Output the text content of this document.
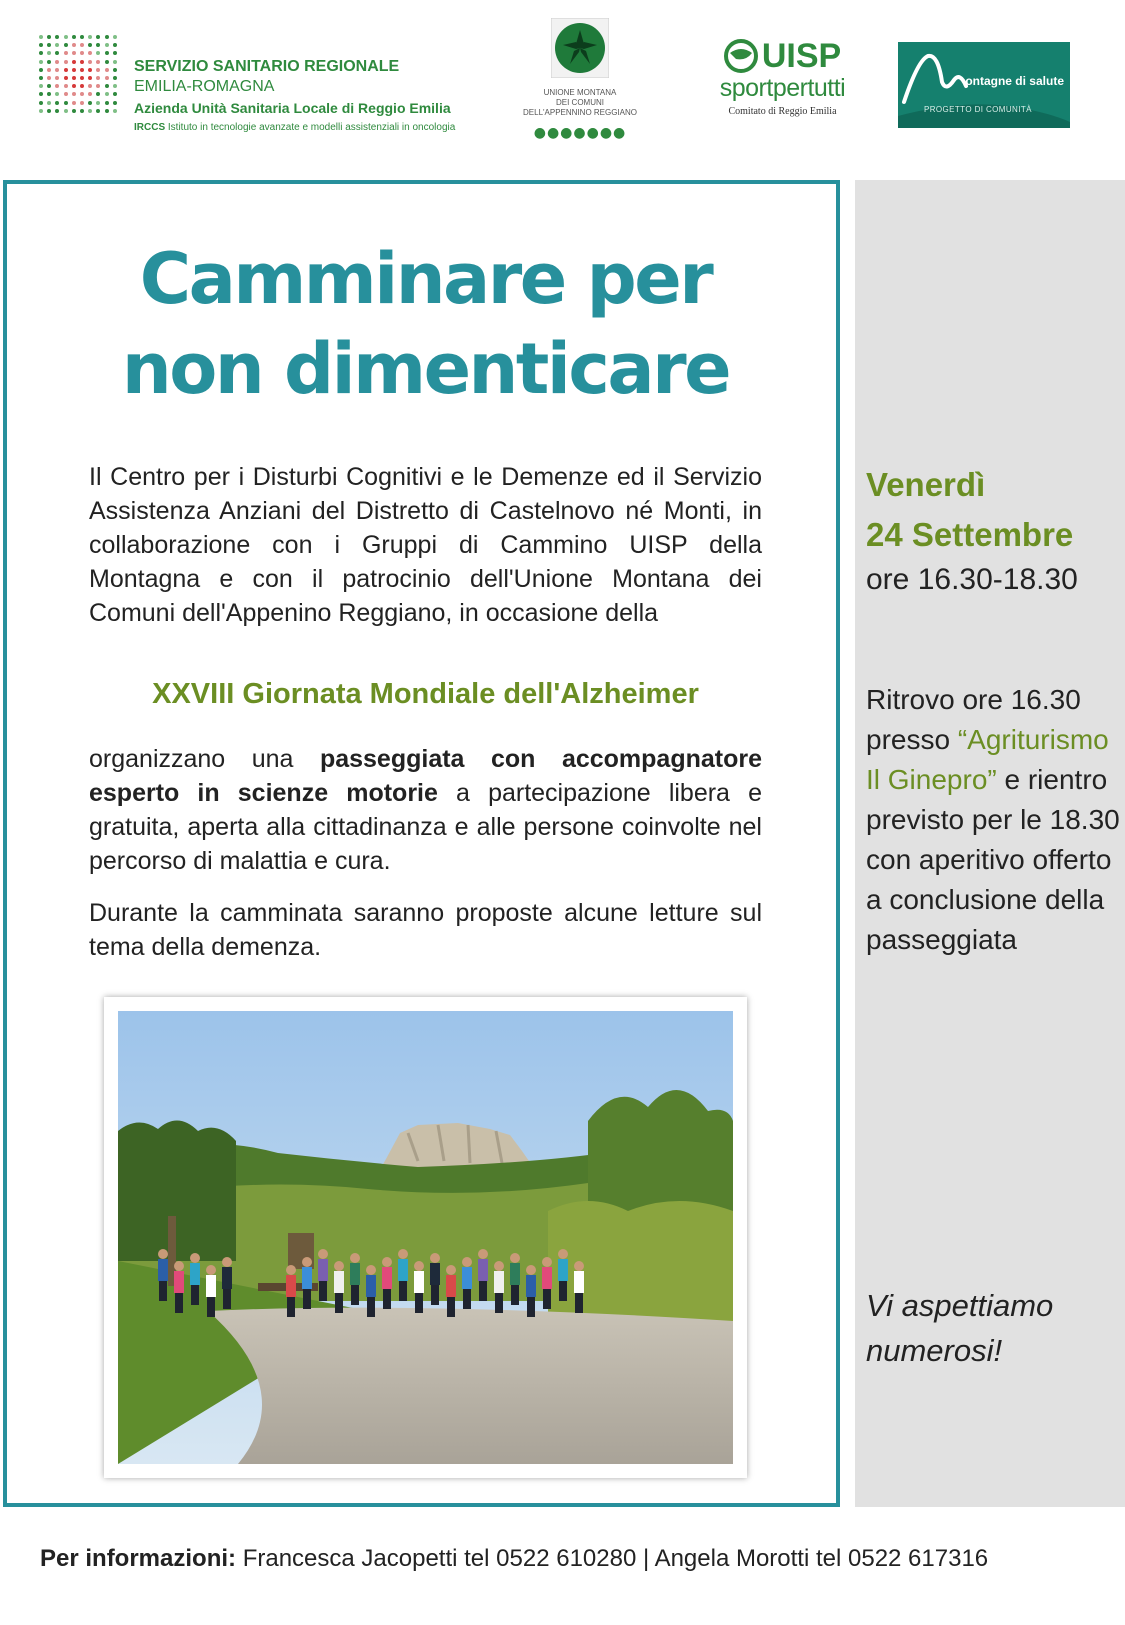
SERVIZIO SANITARIO REGIONALE
EMILIA-ROMAGNA
Azienda Unità Sanitaria Locale di Reggio Emilia
IRCCS Istituto in tecnologie avanzate e modelli assistenziali in oncologia
UNIONE MONTANA
DEI COMUNI
DELL'APPENNINO REGGIANO
●●●●●●●
UISP
sportpertutti
Comitato di Reggio Emilia
ontagne di salute
PROGETTO DI COMUNITÀ
Camminare per
non dimenticare

Il Centro per i Disturbi Cognitivi e le Demenze ed il Servizio Assistenza Anziani del Distretto di Castelnovo né Monti, in collaborazione con i Gruppi di Cammino UISP della Montagna e con il patrocinio dell'Unione Montana dei Comuni dell'Appenino Reggiano, in occasione della

XXVIII Giornata Mondiale dell'Alzheimer

organizzano una passeggiata con accompagnatore esperto in scienze motorie a partecipazione libera e gratuita, aperta alla cittadinanza e alle persone coinvolte nel percorso di malattia e cura.

Durante la camminata saranno proposte alcune letture sul tema della demenza.

Venerdì
24 Settembre

ore 16.30-18.30

Ritrovo ore 16.30 presso “Agriturismo Il Ginepro” e rientro previsto per le 18.30 con aperitivo offerto a conclusione della passeggiata

Vi aspettiamo
numerosi!

Per informazioni: Francesca Jacopetti tel 0522 610280 | Angela Morotti tel 0522 617316
